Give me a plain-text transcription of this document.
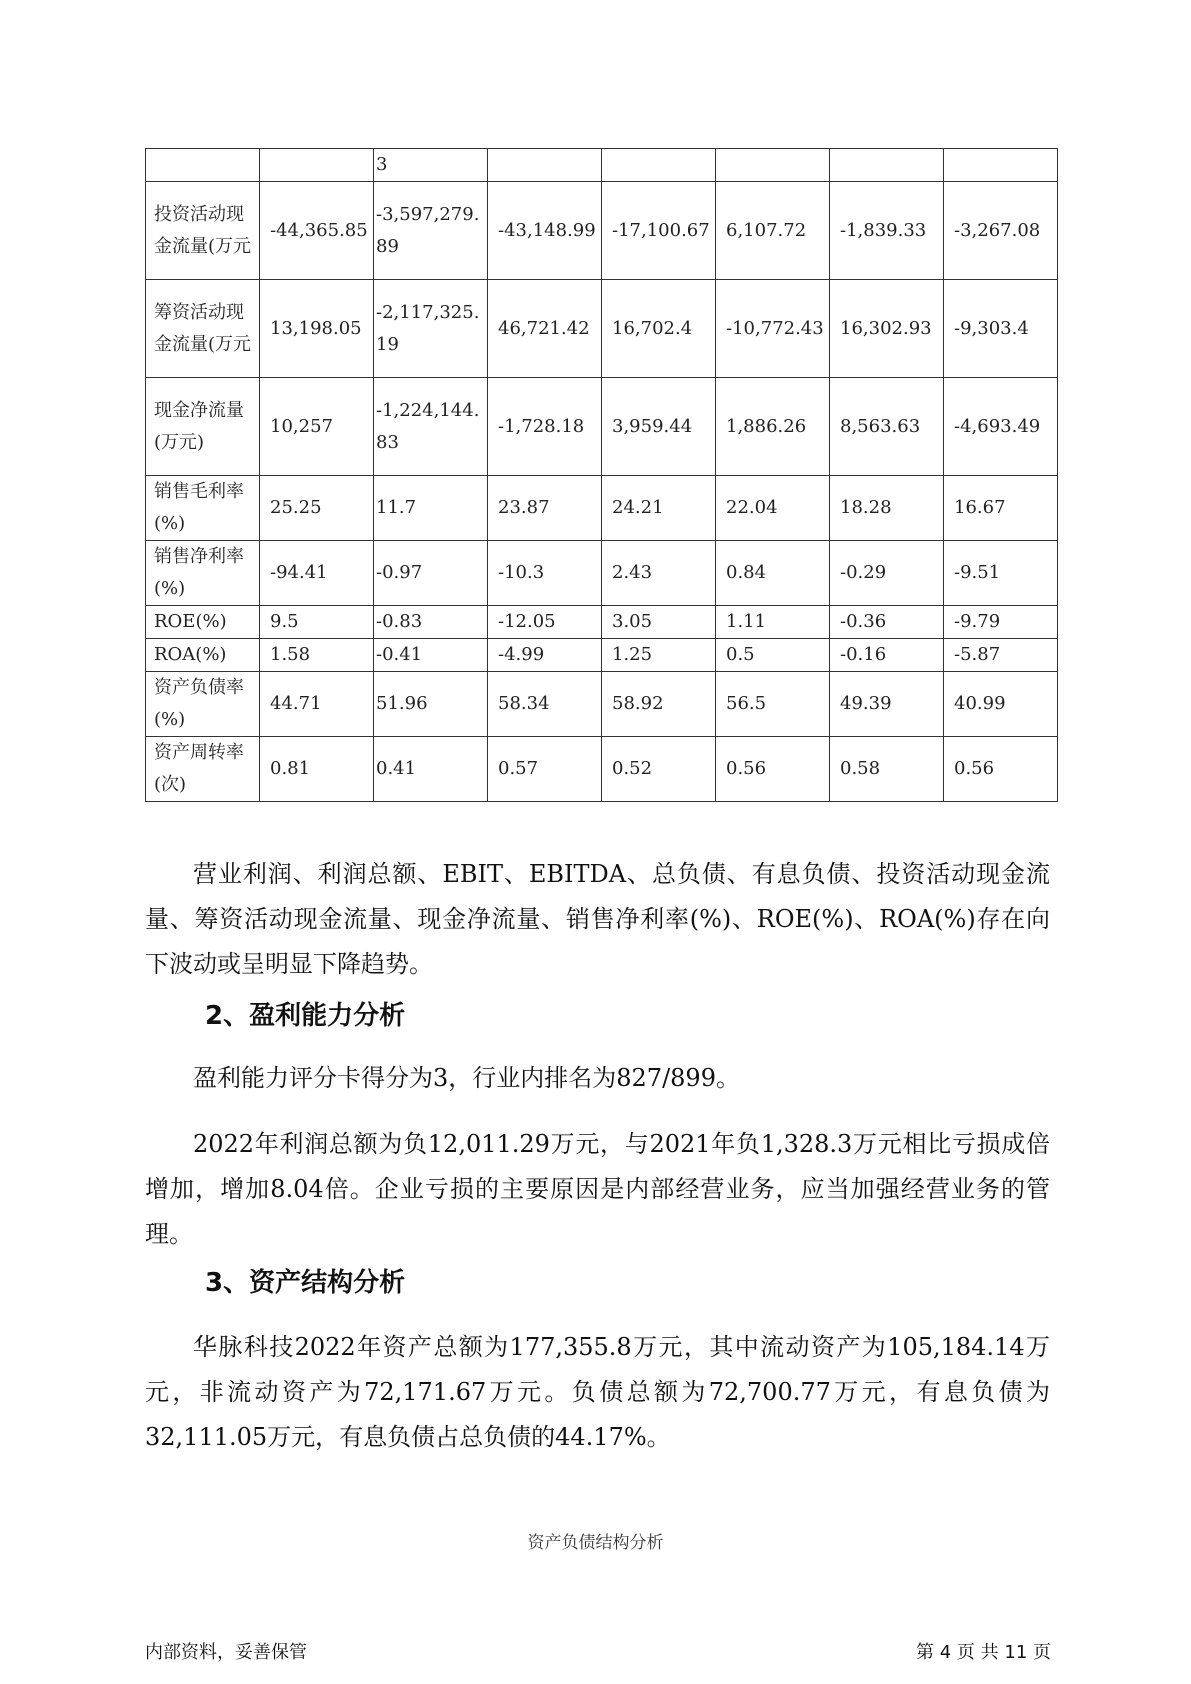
		3					
投资活动现金流量(万元	-44,365.85	-3,597,279.89	-43,148.99	-17,100.67	6,107.72	-1,839.33	-3,267.08
筹资活动现金流量(万元	13,198.05	-2,117,325.19	46,721.42	16,702.4	-10,772.43	16,302.93	-9,303.4
现金净流量(万元)	10,257	-1,224,144.83	-1,728.18	3,959.44	1,886.26	8,563.63	-4,693.49
销售毛利率(%)	25.25	11.7	23.87	24.21	22.04	18.28	16.67
销售净利率(%)	-94.41	-0.97	-10.3	2.43	0.84	-0.29	-9.51
ROE(%)	9.5	-0.83	-12.05	3.05	1.11	-0.36	-9.79
ROA(%)	1.58	-0.41	-4.99	1.25	0.5	-0.16	-5.87
资产负债率(%)	44.71	51.96	58.34	58.92	56.5	49.39	40.99
资产周转率(次)	0.81	0.41	0.57	0.52	0.56	0.58	0.56

营业利润、利润总额、EBIT、EBITDA、总负债、有息负债、投资活动现金流量、筹资活动现金流量、现金净流量、销售净利率(%)、ROE(%)、ROA(%)存在向下波动或呈明显下降趋势。

2、盈利能力分析

盈利能力评分卡得分为3，行业内排名为827/899。

2022年利润总额为负12,011.29万元，与2021年负1,328.3万元相比亏损成倍增加，增加8.04倍。企业亏损的主要原因是内部经营业务，应当加强经营业务的管理。

3、资产结构分析

华脉科技2022年资产总额为177,355.8万元，其中流动资产为105,184.14万元，非流动资产为72,171.67万元。负债总额为72,700.77万元，有息负债为32,111.05万元，有息负债占总负债的44.17%。

资产负债结构分析

内部资料，妥善保管	第 4 页 共 11 页
